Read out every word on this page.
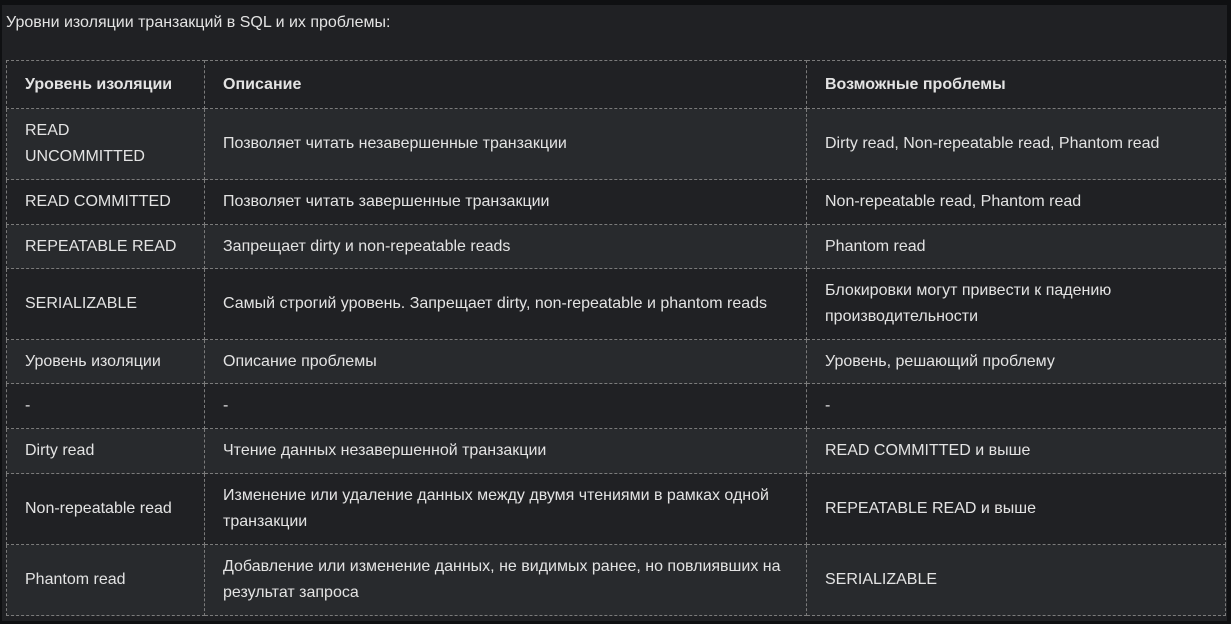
Уровни изоляции транзакций в SQL и их проблемы:

Уровень изоляции	Описание	Возможные проблемы
READ UNCOMMITTED	Позволяет читать незавершенные транзакции	Dirty read, Non-repeatable read, Phantom read
READ COMMITTED	Позволяет читать завершенные транзакции	Non-repeatable read, Phantom read
REPEATABLE READ	Запрещает dirty и non-repeatable reads	Phantom read
SERIALIZABLE	Самый строгий уровень. Запрещает dirty, non-repeatable и phantom reads	Блокировки могут привести к падению производительности
Уровень изоляции	Описание проблемы	Уровень, решающий проблему
-	-	-
Dirty read	Чтение данных незавершенной транзакции	READ COMMITTED и выше
Non-repeatable read	Изменение или удаление данных между двумя чтениями в рамках одной транзакции	REPEATABLE READ и выше
Phantom read	Добавление или изменение данных, не видимых ранее, но повлиявших на результат запроса	SERIALIZABLE
